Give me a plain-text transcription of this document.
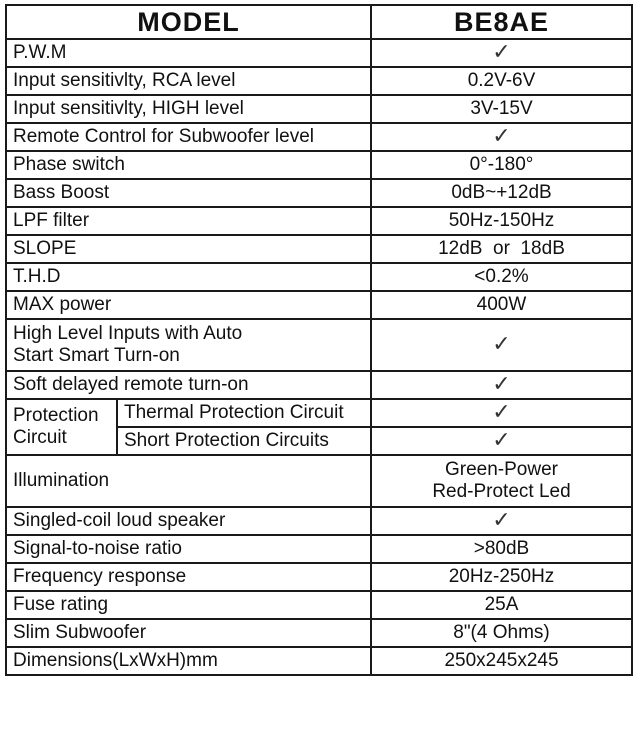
MODEL		BE8AE
P.W.M		✓
Input sensitivlty, RCA level		0.2V-6V
Input sensitivlty, HIGH level		3V-15V
Remote Control for Subwoofer level		✓
Phase switch		0°-180°
Bass Boost		0dB~+12dB
LPF filter		50Hz-150Hz
SLOPE		12dB  or  18dB
T.H.D		<0.2%
MAX power		400W

High Level Inputs with Auto
Start Smart Turn-on		✓
Soft delayed remote turn-on		✓

Protection
Circuit	Thermal Protection Circuit	✓
	Short Protection Circuits	✓
Illumination		Green-Power
Red-Protect Led

Singled-coil loud speaker		✓
Signal-to-noise ratio		>80dB
Frequency response		20Hz-250Hz
Fuse rating		25A
Slim Subwoofer		8"(4 Ohms)
Dimensions(LxWxH)mm		250x245x245
